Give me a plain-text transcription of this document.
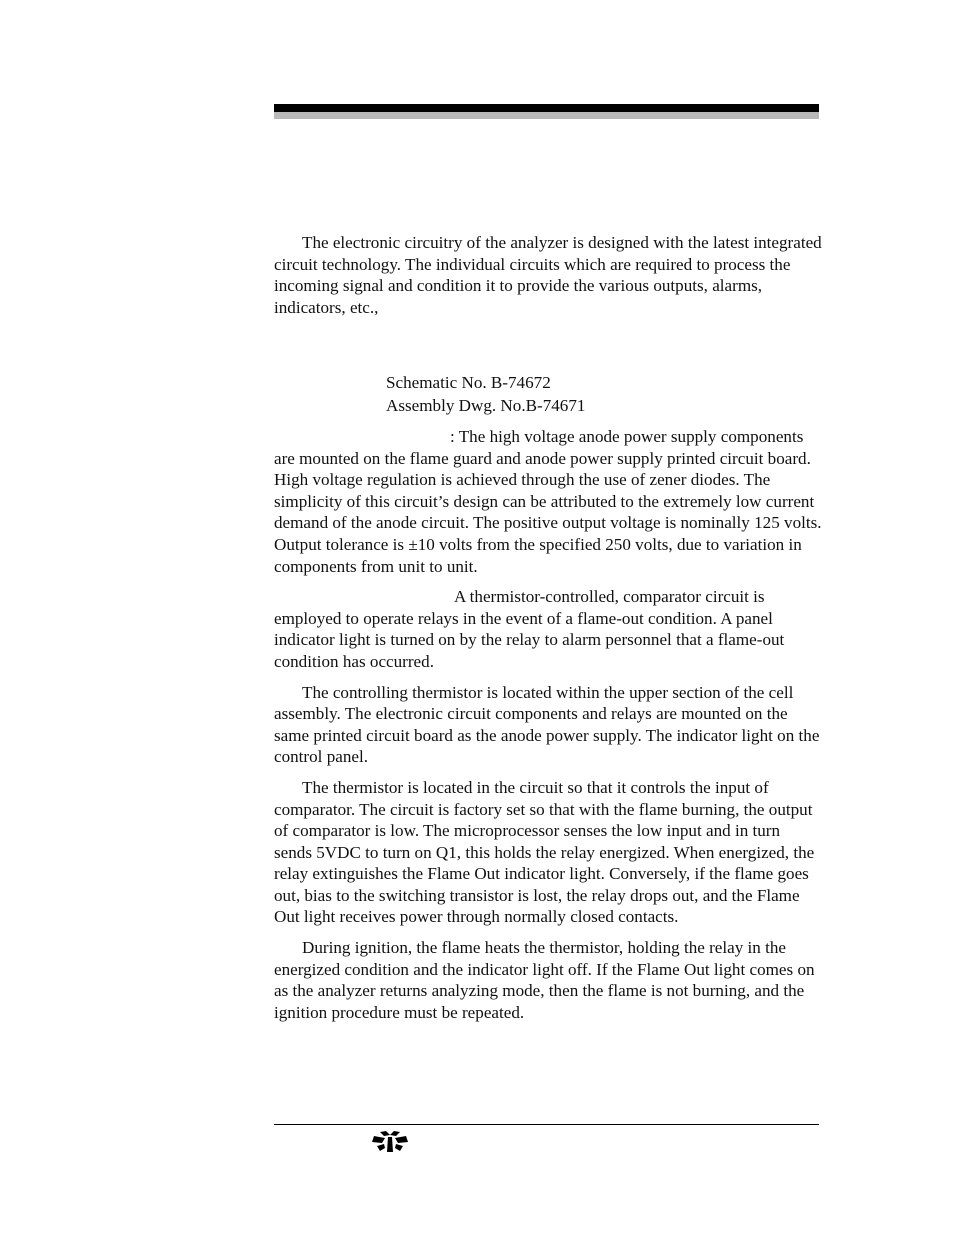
The electronic circuitry of the analyzer is designed with the latest integrated circuit technology. The individual circuits which are required to process the incoming signal and condition it to provide the various outputs, alarms, indicators, etc.,

Schematic No. B-74672
Assembly Dwg. No.B-74671

: The high voltage anode power supply components are mounted on the flame guard and anode power supply printed circuit board. High voltage regulation is achieved through the use of zener diodes. The simplicity of this circuit’s design can be attributed to the extremely low current demand of the anode circuit. The positive output voltage is nominally 125 volts. Output tolerance is ±10 volts from the specified 250 volts, due to variation in components from unit to unit.

A thermistor-controlled, comparator circuit is employed to operate relays in the event of a flame-out condition. A panel indicator light is turned on by the relay to alarm personnel that a flame-out condition has occurred.

The controlling thermistor is located within the upper section of the cell assembly. The electronic circuit components and relays are mounted on the same printed circuit board as the anode power supply. The indicator light on the control panel.

The thermistor is located in the circuit so that it controls the input of comparator. The circuit is factory set so that with the flame burning, the output of comparator is low. The microprocessor senses the low input and in turn sends 5VDC to turn on Q1, this holds the relay energized. When energized, the relay extinguishes the Flame Out indicator light. Conversely, if the flame goes out, bias to the switching transistor is lost, the relay drops out, and the Flame Out light receives power through normally closed contacts.

During ignition, the flame heats the thermistor, holding the relay in the energized condition and the indicator light off. If the Flame Out light comes on as the analyzer returns analyzing mode, then the flame is not burning, and the ignition procedure must be repeated.
